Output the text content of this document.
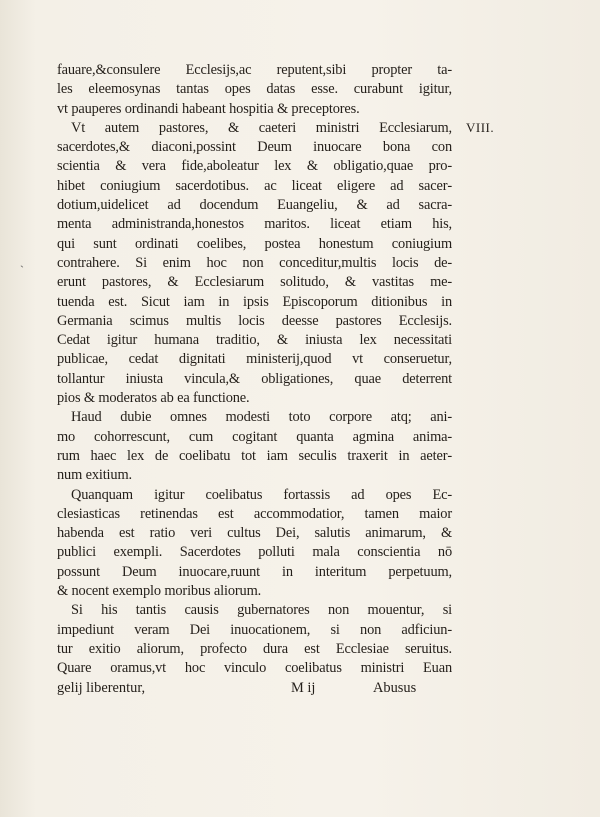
VIII.
ˎ
fauare,&consulere Ecclesijs,ac reputent,sibi propter ta‐
les eleemosynas tantas opes datas esse. curabunt igitur,
vt pauperes ordinandi habeant hospitia & preceptores.
Vt autem pastores, & caeteri ministri Ecclesiarum,
sacerdotes,& diaconi,possint Deum inuocare bona con
scientia & vera fide,aboleatur lex & obligatio,quae pro‐
hibet coniugium sacerdotibus. ac liceat eligere ad sacer‐
dotium,uidelicet ad docendum Euangeliu, & ad sacra‐
menta administranda,honestos maritos. liceat etiam his,
qui sunt ordinati coelibes, postea honestum coniugium
contrahere. Si enim hoc non conceditur,multis locis de‐
erunt pastores, & Ecclesiarum solitudo, & vastitas me‐
tuenda est. Sicut iam in ipsis Episcoporum ditionibus in
Germania scimus multis locis deesse pastores Ecclesijs.
Cedat igitur humana traditio, & iniusta lex necessitati
publicae, cedat dignitati ministerij,quod vt conseruetur,
tollantur iniusta vincula,& obligationes, quae deterrent
pios & moderatos ab ea functione.
Haud dubie omnes modesti toto corpore atq; ani‐
mo cohorrescunt, cum cogitant quanta agmina anima‐
rum haec lex de coelibatu tot iam seculis traxerit in aeter‐
num exitium.
Quanquam igitur coelibatus fortassis ad opes Ec‐
clesiasticas retinendas est accommodatior, tamen maior
habenda est ratio veri cultus Dei, salutis animarum, &
publici exempli. Sacerdotes polluti mala conscientia nō
possunt Deum inuocare,ruunt in interitum perpetuum,
& nocent exemplo moribus aliorum.
Si his tantis causis gubernatores non mouentur, si
impediunt veram Dei inuocationem, si non adficiun‐
tur exitio aliorum, profecto dura est Ecclesiae seruitus.
Quare oramus,vt hoc vinculo coelibatus ministri Euan
gelij liberentur,	M ij	Abusus
